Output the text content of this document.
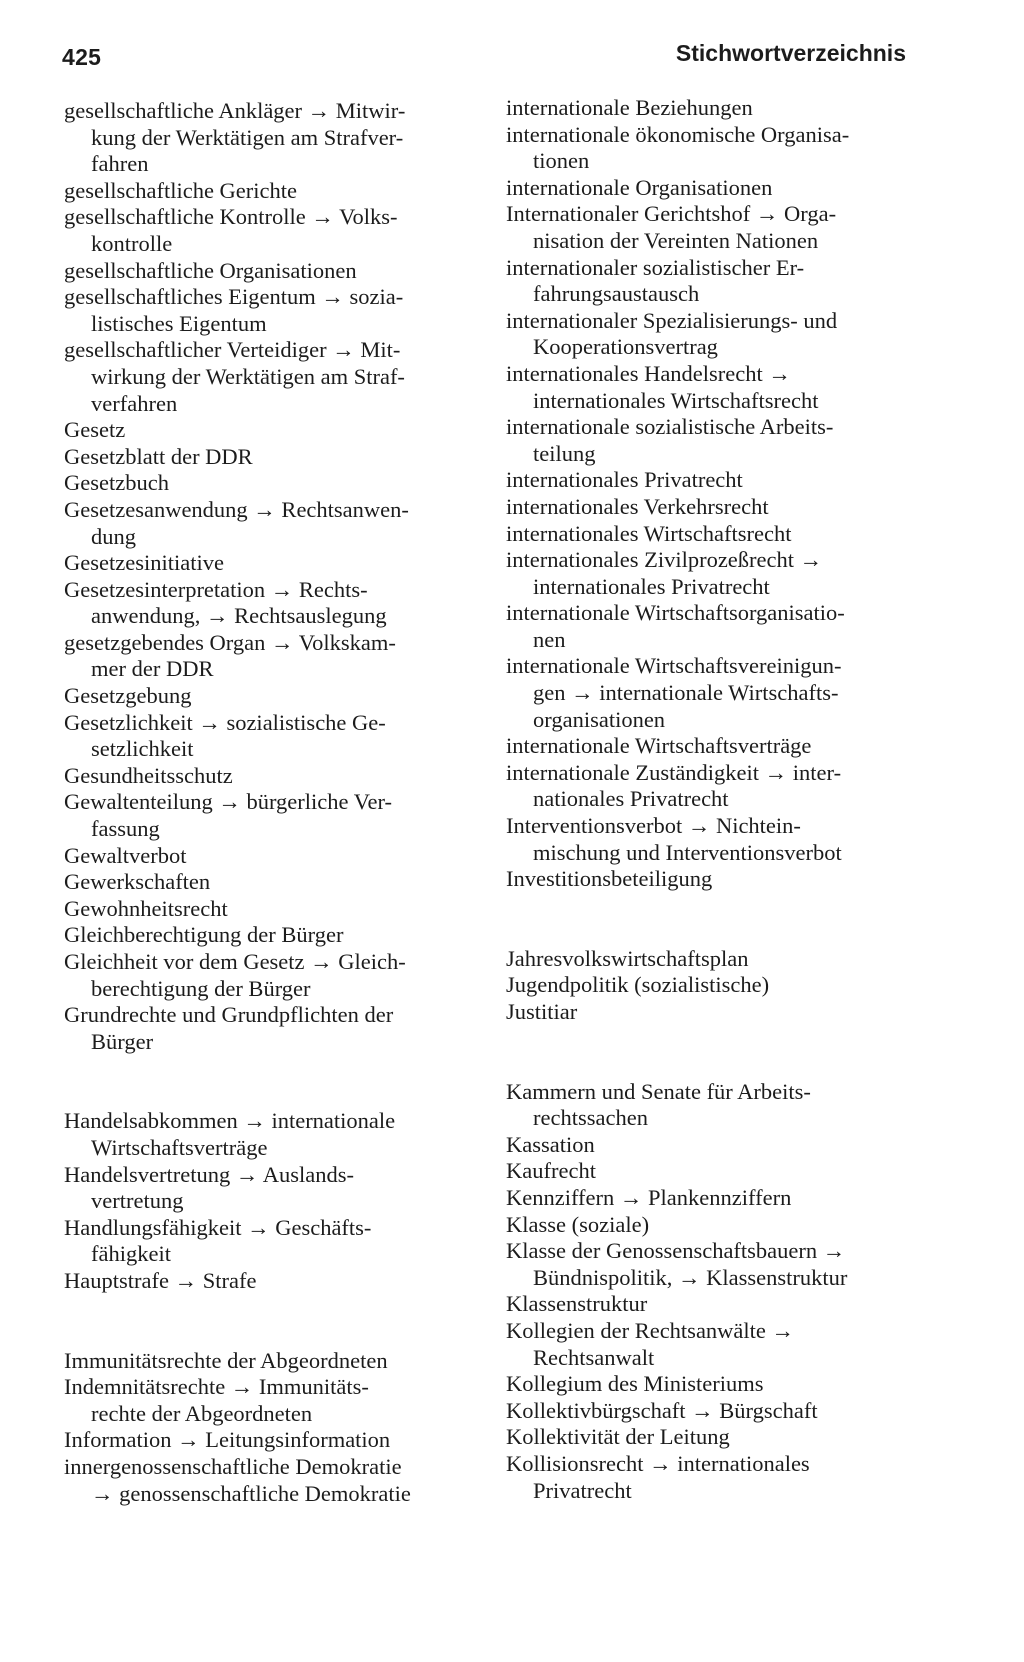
425	Stichwortverzeichnis
gesellschaftliche Ankläger → Mitwir-
kung der Werktätigen am Strafver-
fahren
gesellschaftliche Gerichte
gesellschaftliche Kontrolle → Volks-
kontrolle
gesellschaftliche Organisationen
gesellschaftliches Eigentum → sozia-
listisches Eigentum
gesellschaftlicher Verteidiger → Mit-
wirkung der Werktätigen am Straf-
verfahren
Gesetz
Gesetzblatt der DDR
Gesetzbuch
Gesetzesanwendung → Rechtsanwen-
dung
Gesetzesinitiative
Gesetzesinterpretation → Rechts-
anwendung, → Rechtsauslegung
gesetzgebendes Organ → Volkskam-
mer der DDR
Gesetzgebung
Gesetzlichkeit → sozialistische Ge-
setzlichkeit
Gesundheitsschutz
Gewaltenteilung → bürgerliche Ver-
fassung
Gewaltverbot
Gewerkschaften
Gewohnheitsrecht
Gleichberechtigung der Bürger
Gleichheit vor dem Gesetz → Gleich-
berechtigung der Bürger
Grundrechte und Grundpflichten der
Bürger
Handelsabkommen → internationale
Wirtschaftsverträge
Handelsvertretung → Auslands-
vertretung
Handlungsfähigkeit → Geschäfts-
fähigkeit
Hauptstrafe → Strafe
Immunitätsrechte der Abgeordneten
Indemnitätsrechte → Immunitäts-
rechte der Abgeordneten
Information → Leitungsinformation
innergenossenschaftliche Demokratie
→ genossenschaftliche Demokratie
internationale Beziehungen
internationale ökonomische Organisa-
tionen
internationale Organisationen
Internationaler Gerichtshof → Orga-
nisation der Vereinten Nationen
internationaler sozialistischer Er-
fahrungsaustausch
internationaler Spezialisierungs- und
Kooperationsvertrag
internationales Handelsrecht →
internationales Wirtschaftsrecht
internationale sozialistische Arbeits-
teilung
internationales Privatrecht
internationales Verkehrsrecht
internationales Wirtschaftsrecht
internationales Zivilprozeßrecht →
internationales Privatrecht
internationale Wirtschaftsorganisatio-
nen
internationale Wirtschaftsvereinigun-
gen → internationale Wirtschafts-
organisationen
internationale Wirtschaftsverträge
internationale Zuständigkeit → inter-
nationales Privatrecht
Interventionsverbot → Nichtein-
mischung und Interventionsverbot
Investitionsbeteiligung
Jahresvolkswirtschaftsplan
Jugendpolitik (sozialistische)
Justitiar
Kammern und Senate für Arbeits-
rechtssachen
Kassation
Kaufrecht
Kennziffern → Plankennziffern
Klasse (soziale)
Klasse der Genossenschaftsbauern →
Bündnispolitik, → Klassenstruktur
Klassenstruktur
Kollegien der Rechtsanwälte →
Rechtsanwalt
Kollegium des Ministeriums
Kollektivbürgschaft → Bürgschaft
Kollektivität der Leitung
Kollisionsrecht → internationales
Privatrecht
